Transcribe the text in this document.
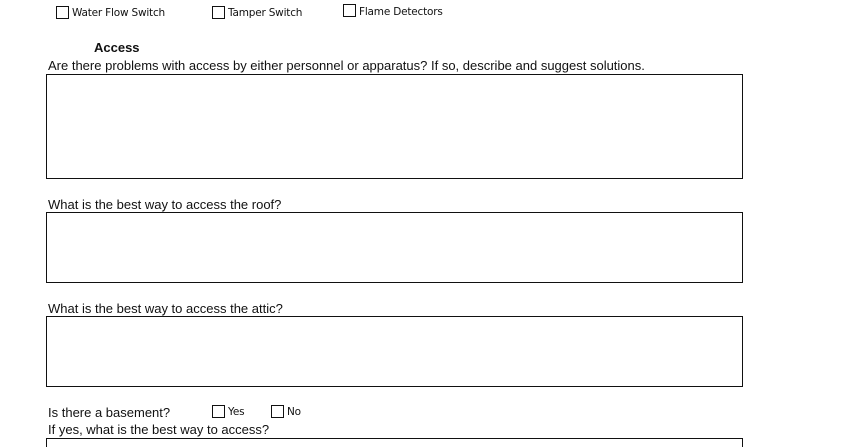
Water Flow Switch	Tamper Switch	Flame Detectors
Access
Are there problems with access by either personnel or apparatus? If so, describe and suggest solutions.
What is the best way to access the roof?
What is the best way to access the attic?
Is there a basement?	Yes	No
If yes, what is the best way to access?
